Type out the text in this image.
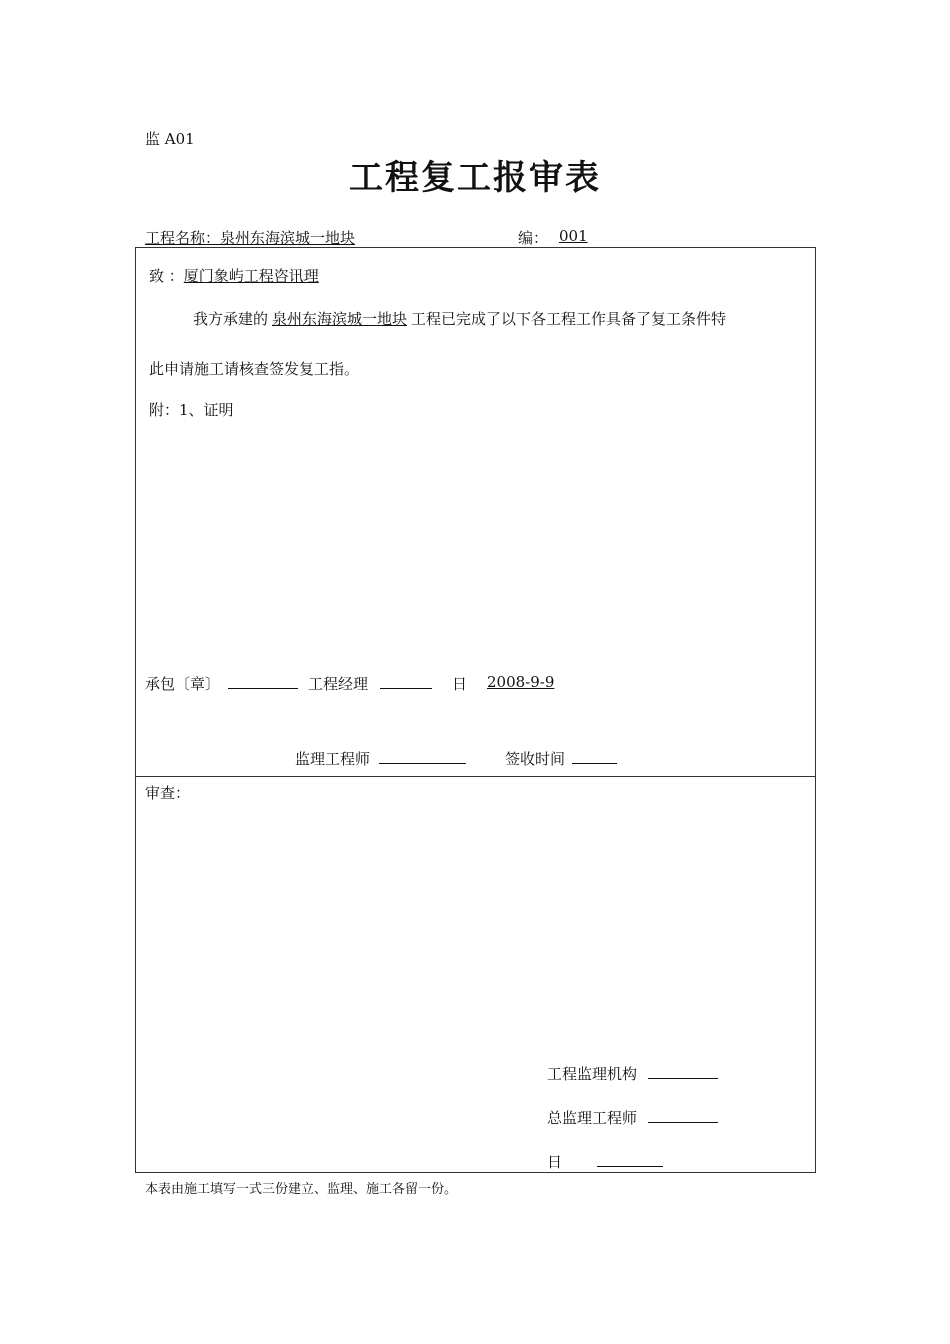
监 A01
工程复工报审表
工程名称：泉州东海滨城一地块	编： 001
致 ：厦门象屿工程咨讯理
我方承建的 泉州东海滨城一地块 工程已完成了以下各工程工作具备了复工条件特
此申请施工请核查签发复工指。
附：1、证明
承包〔章〕	工程经理	日 2008-9-9
监理工程师	签收时间
审查：
工程监理机构
总监理工程师
日
本表由施工填写一式三份建立、监理、施工各留一份。
